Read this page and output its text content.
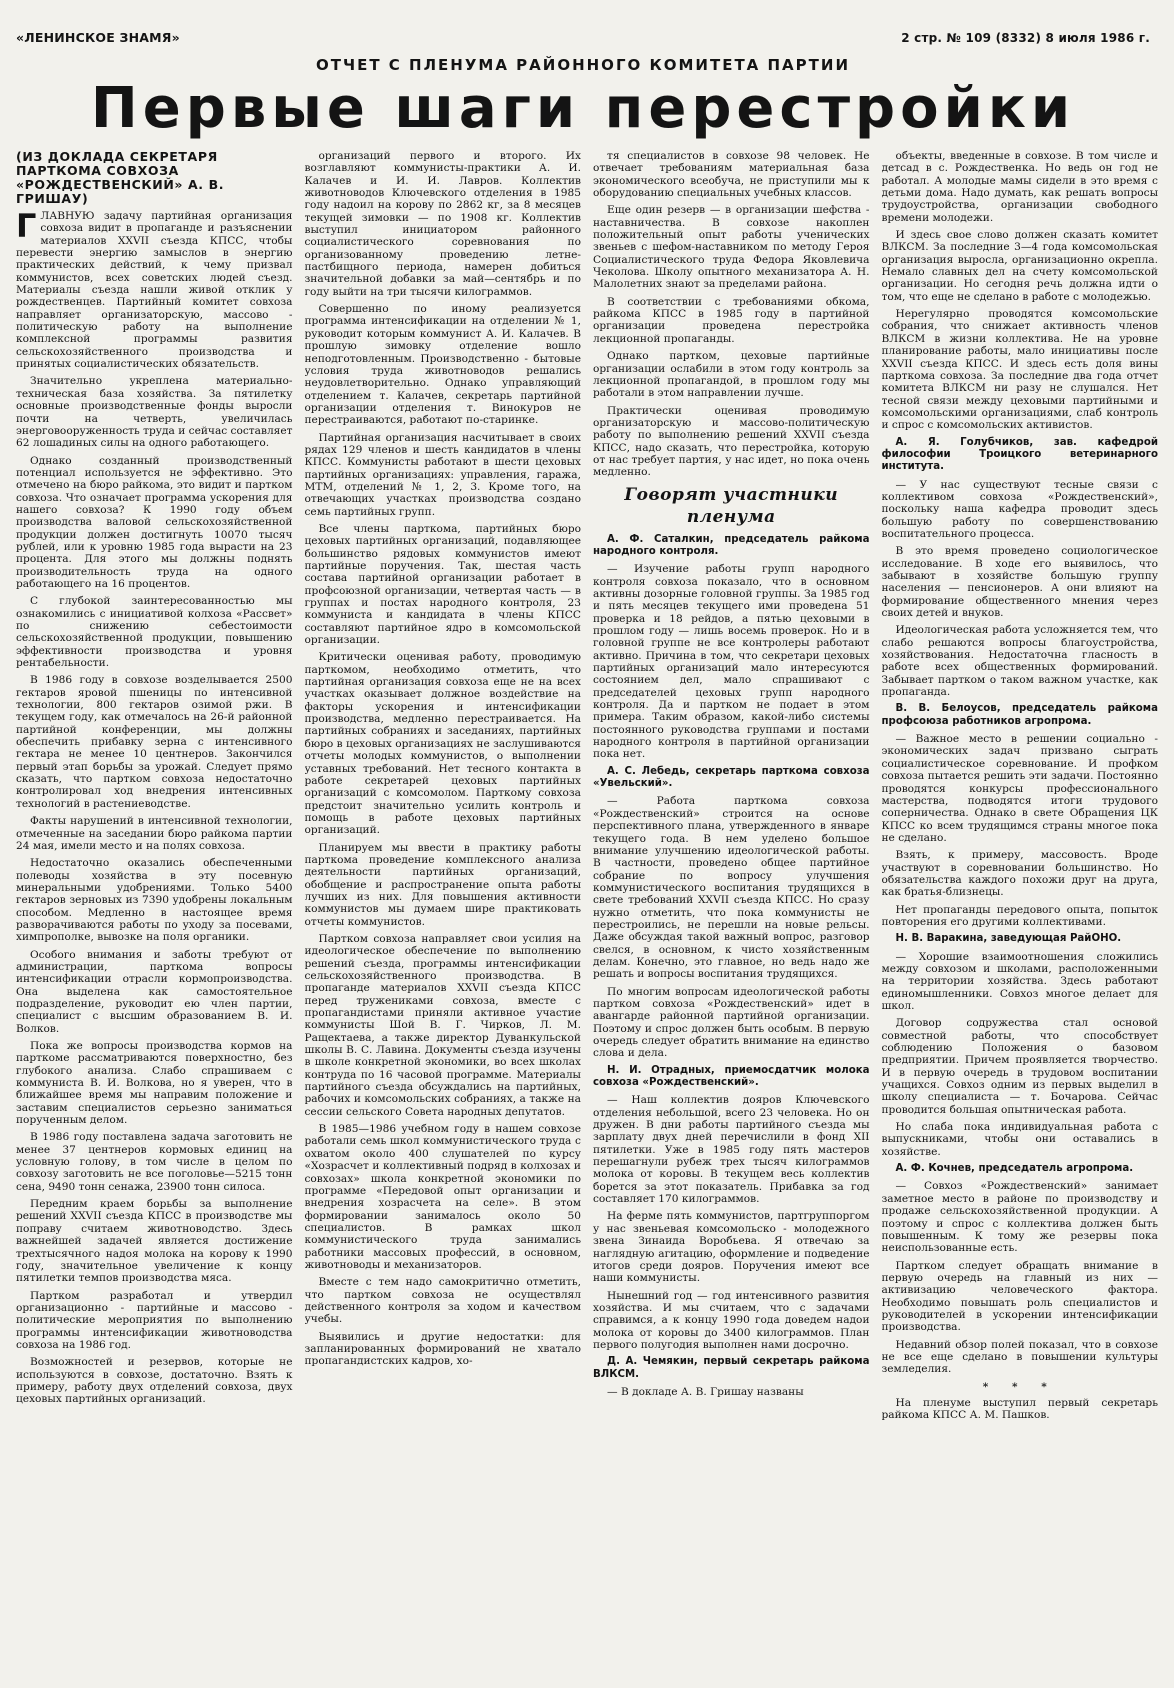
«ЛЕНИНСКОЕ ЗНАМЯ»	2 стр. № 109 (8332) 8 июля 1986 г.
ОТЧЕТ С ПЛЕНУМА РАЙОННОГО КОМИТЕТА ПАРТИИ
Первые шаги перестройки
(ИЗ ДОКЛАДА СЕКРЕТАРЯ ПАРТКОМА СОВХОЗА «РОЖДЕСТВЕНСКИЙ» А. В. ГРИШАУ)

ГЛАВНУЮ задачу партийная организация совхоза видит в пропаганде и разъяснении материалов XXVII съезда КПСС, чтобы перевести энергию замыслов в энергию практических действий, к чему призвал коммунистов, всех советских людей съезд. Материалы съезда нашли живой отклик у рождественцев. Партийный комитет совхоза направляет организаторскую, массово - политическую работу на выполнение комплексной программы развития сельскохозяйственного производства и принятых социалистических обязательств.

Значительно укреплена материально-техническая база хозяйства. За пятилетку основные производственные фонды выросли почти на четверть, увеличилась энерговооруженность труда и сейчас составляет 62 лошадиных силы на одного работающего.

Однако созданный производственный потенциал используется не эффективно. Это отмечено на бюро райкома, это видит и партком совхоза. Что означает программа ускорения для нашего совхоза? К 1990 году объем производства валовой сельскохозяйственной продукции должен достигнуть 10070 тысяч рублей, или к уровню 1985 года вырасти на 23 процента. Для этого мы должны поднять производительность труда на одного работающего на 16 процентов.

С глубокой заинтересованностью мы ознакомились с инициативой колхоза «Рассвет» по снижению себестоимости сельскохозяйственной продукции, повышению эффективности производства и уровня рентабельности.

В 1986 году в совхозе возделывается 2500 гектаров яровой пшеницы по интенсивной технологии, 800 гектаров озимой ржи. В текущем году, как отмечалось на 26-й районной партийной конференции, мы должны обеспечить прибавку зерна с интенсивного гектара не менее 10 центнеров. Закончился первый этап борьбы за урожай. Следует прямо сказать, что партком совхоза недостаточно контролировал ход внедрения интенсивных технологий в растениеводстве.

Факты нарушений в интенсивной технологии, отмеченные на заседании бюро райкома партии 24 мая, имели место и на полях совхоза.

Недостаточно оказались обеспеченными полеводы хозяйства в эту посевную минеральными удобрениями. Только 5400 гектаров зерновых из 7390 удобрены локальным способом. Медленно в настоящее время разворачиваются работы по уходу за посевами, химпрополке, вывозке на поля органики.

Особого внимания и заботы требуют от администрации, парткома вопросы интенсификации отрасли кормопроизводства. Она выделена как самостоятельное подразделение, руководит ею член партии, специалист с высшим образованием В. И. Волков.

Пока же вопросы производства кормов на парткоме рассматриваются поверхностно, без глубокого анализа. Слабо спрашиваем с коммуниста В. И. Волкова, но я уверен, что в ближайшее время мы направим положение и заставим специалистов серьезно заниматься порученным делом.

В 1986 году поставлена задача заготовить не менее 37 центнеров кормовых единиц на условную голову, в том числе в целом по совхозу заготовить не все поголовье—5215 тонн сена, 9490 тонн сенажа, 23900 тонн силоса.

Передним краем борьбы за выполнение решений XXVII съезда КПСС в производстве мы поправу считаем животноводство. Здесь важнейшей задачей является достижение трехтысячного надоя молока на корову к 1990 году, значительное увеличение к концу пятилетки темпов производства мяса.

Партком разработал и утвердил организационно - партийные и массово - политические мероприятия по выполнению программы интенсификации животноводства совхоза на 1986 год.

Возможностей и резервов, которые не используются в совхозе, достаточно. Взять к примеру, работу двух отделений совхоза, двух цеховых партийных организаций.

организаций первого и второго. Их возглавляют коммунисты-практики А. И. Калачев и И. И. Лавров. Коллектив животноводов Ключевского отделения в 1985 году надоил на корову по 2862 кг, за 8 месяцев текущей зимовки — по 1908 кг. Коллектив выступил инициатором районного социалистического соревнования по организованному проведению летне-пастбищного периода, намерен добиться значительной добавки за май—сентябрь и по году выйти на три тысячи килограммов.

Совершенно по иному реализуется программа интенсификации на отделении № 1, руководит которым коммунист А. И. Калачев. В прошлую зимовку отделение вошло неподготовленным. Производственно - бытовые условия труда животноводов решались неудовлетворительно. Однако управляющий отделением т. Калачев, секретарь партийной организации отделения т. Винокуров не перестраиваются, работают по-старинке.

Партийная организация насчитывает в своих рядах 129 членов и шесть кандидатов в члены КПСС. Коммунисты работают в шести цеховых партийных организациях: управления, гаража, МТМ, отделений № 1, 2, 3. Кроме того, на отвечающих участках производства создано семь партийных групп.

Все члены парткома, партийных бюро цеховых партийных организаций, подавляющее большинство рядовых коммунистов имеют партийные поручения. Так, шестая часть состава партийной организации работает в профсоюзной организации, четвертая часть — в группах и постах народного контроля, 23 коммуниста и кандидата в члены КПСС составляют партийное ядро в комсомольской организации.

Критически оценивая работу, проводимую парткомом, необходимо отметить, что партийная организация совхоза еще не на всех участках оказывает должное воздействие на факторы ускорения и интенсификации производства, медленно перестраивается. На партийных собраниях и заседаниях, партийных бюро в цеховых организациях не заслушиваются отчеты молодых коммунистов, о выполнении уставных требований. Нет тесного контакта в работе секретарей цеховых партийных организаций с комсомолом. Парткому совхоза предстоит значительно усилить контроль и помощь в работе цеховых партийных организаций.

Планируем мы ввести в практику работы парткома проведение комплексного анализа деятельности партийных организаций, обобщение и распространение опыта работы лучших из них. Для повышения активности коммунистов мы думаем шире практиковать отчеты коммунистов.

Партком совхоза направляет свои усилия на идеологическое обеспечение по выполнению решений съезда, программы интенсификации сельскохозяйственного производства. В пропаганде материалов XXVII съезда КПСС перед тружениками совхоза, вместе с пропагандистами приняли активное участие коммунисты Шой В. Г. Чирков, Л. М. Ращектаева, а также директор Дуванкульской школы В. С. Лавина. Документы съезда изучены в школе конкретной экономики, во всех школах контруда по 16 часовой программе. Материалы партийного съезда обсуждались на партийных, рабочих и комсомольских собраниях, а также на сессии сельского Совета народных депутатов.

В 1985—1986 учебном году в нашем совхозе работали семь школ коммунистического труда с охватом около 400 слушателей по курсу «Хозрасчет и коллективный подряд в колхозах и совхозах» школа конкретной экономики по программе «Передовой опыт организации и внедрения хозрасчета на селе». В этом формировании занималось около 50 специалистов. В рамках школ коммунистического труда занимались работники массовых профессий, в основном, животноводы и механизаторов.

Вместе с тем надо самокритично отметить, что партком совхоза не осуществлял действенного контроля за ходом и качеством учебы.

Выявились и другие недостатки: для запланированных формирований не хватало пропагандистских кадров, хо-

тя специалистов в совхозе 98 человек. Не отвечает требованиям материальная база экономического всеобуча, не приступили мы к оборудованию специальных учебных классов.

Еще один резерв — в организации шефства - наставничества. В совхозе накоплен положительный опыт работы ученических звеньев с шефом-наставником по методу Героя Социалистического труда Федора Яковлевича Чеколова. Школу опытного механизатора А. Н. Малолетних знают за пределами района.

В соответствии с требованиями обкома, райкома КПСС в 1985 году в партийной организации проведена перестройка лекционной пропаганды.

Однако партком, цеховые партийные организации ослабили в этом году контроль за лекционной пропагандой, в прошлом году мы работали в этом направлении лучше.

Практически оценивая проводимую организаторскую и массово-политическую работу по выполнению решений XXVII съезда КПСС, надо сказать, что перестройка, которую от нас требует партия, у нас идет, но пока очень медленно.

Говорят участники пленума

А. Ф. Саталкин, председатель райкома народного контроля.

— Изучение работы групп народного контроля совхоза показало, что в основном активны дозорные головной группы. За 1985 год и пять месяцев текущего ими проведена 51 проверка и 18 рейдов, а пятью цеховыми в прошлом году — лишь восемь проверок. Но и в головной группе не все контролеры работают активно. Причина в том, что секретари цеховых партийных организаций мало интересуются состоянием дел, мало спрашивают с председателей цеховых групп народного контроля. Да и партком не подает в этом примера. Таким образом, какой-либо системы постоянного руководства группами и постами народного контроля в партийной организации пока нет.

А. С. Лебедь, секретарь парткома совхоза «Увельский».

— Работа парткома совхоза «Рождественский» строится на основе перспективного плана, утвержденного в январе текущего года. В нем уделено большое внимание улучшению идеологической работы. В частности, проведено общее партийное собрание по вопросу улучшения коммунистического воспитания трудящихся в свете требований XXVII съезда КПСС. Но сразу нужно отметить, что пока коммунисты не перестроились, не перешли на новые рельсы. Даже обсуждая такой важный вопрос, разговор свелся, в основном, к чисто хозяйственным делам. Конечно, это главное, но ведь надо же решать и вопросы воспитания трудящихся.

По многим вопросам идеологической работы партком совхоза «Рождественский» идет в авангарде районной партийной организации. Поэтому и спрос должен быть особым. В первую очередь следует обратить внимание на единство слова и дела.

Н. И. Отрадных, приемосдатчик молока совхоза «Рождественский».

— Наш коллектив дояров Ключевского отделения небольшой, всего 23 человека. Но он дружен. В дни работы партийного съезда мы зарплату двух дней перечислили в фонд XII пятилетки. Уже в 1985 году пять мастеров перешагнули рубеж трех тысяч килограммов молока от коровы. В текущем весь коллектив борется за этот показатель. Прибавка за год составляет 170 килограммов.

На ферме пять коммунистов, партгруппоргом у нас звеньевая комсомольско - молодежного звена Зинаида Воробьева. Я отвечаю за наглядную агитацию, оформление и подведение итогов среди дояров. Поручения имеют все наши коммунисты.

Нынешний год — год интенсивного развития хозяйства. И мы считаем, что с задачами справимся, а к концу 1990 года доведем надои молока от коровы до 3400 килограммов. План первого полугодия выполнен нами досрочно.

Д. А. Чемякин, первый секретарь райкома ВЛКСМ.

— В докладе А. В. Гришау названы

объекты, введенные в совхозе. В том числе и детсад в с. Рождественка. Но ведь он год не работал. А молодые мамы сидели в это время с детьми дома. Надо думать, как решать вопросы трудоустройства, организации свободного времени молодежи.

И здесь свое слово должен сказать комитет ВЛКСМ. За последние 3—4 года комсомольская организация выросла, организационно окрепла. Немало славных дел на счету комсомольской организации. Но сегодня речь должна идти о том, что еще не сделано в работе с молодежью.

Нерегулярно проводятся комсомольские собрания, что снижает активность членов ВЛКСМ в жизни коллектива. Не на уровне планирование работы, мало инициативы после XXVII съезда КПСС. И здесь есть доля вины парткома совхоза. За последние два года отчет комитета ВЛКСМ ни разу не слушался. Нет тесной связи между цеховыми партийными и комсомольскими организациями, слаб контроль и спрос с комсомольских активистов.

А. Я. Голубчиков, зав. кафедрой философии Троицкого ветеринарного института.

— У нас существуют тесные связи с коллективом совхоза «Рождественский», поскольку наша кафедра проводит здесь большую работу по совершенствованию воспитательного процесса.

В это время проведено социологическое исследование. В ходе его выявилось, что забывают в хозяйстве большую группу населения — пенсионеров. А они влияют на формирование общественного мнения через своих детей и внуков.

Идеологическая работа усложняется тем, что слабо решаются вопросы благоустройства, хозяйствования. Недостаточна гласность в работе всех общественных формирований. Забывает партком о таком важном участке, как пропаганда.

В. В. Белоусов, председатель райкома профсоюза работников агропрома.

— Важное место в решении социально - экономических задач призвано сыграть социалистическое соревнование. И профком совхоза пытается решить эти задачи. Постоянно проводятся конкурсы профессионального мастерства, подводятся итоги трудового соперничества. Однако в свете Обращения ЦК КПСС ко всем трудящимся страны многое пока не сделано.

Взять, к примеру, массовость. Вроде участвуют в соревновании большинство. Но обязательства каждого похожи друг на друга, как братья-близнецы.

Нет пропаганды передового опыта, попыток повторения его другими коллективами.

Н. В. Варакина, заведующая РайОНО.

— Хорошие взаимоотношения сложились между совхозом и школами, расположенными на территории хозяйства. Здесь работают единомышленники. Совхоз многое делает для школ.

Договор содружества стал основой совместной работы, что способствует соблюдению Положения о базовом предприятии. Причем проявляется творчество. И в первую очередь в трудовом воспитании учащихся. Совхоз одним из первых выделил в школу специалиста — т. Бочарова. Сейчас проводится большая опытническая работа.

Но слаба пока индивидуальная работа с выпускниками, чтобы они оставались в хозяйстве.

А. Ф. Кочнев, председатель агропрома.

— Совхоз «Рождественский» занимает заметное место в районе по производству и продаже сельскохозяйственной продукции. А поэтому и спрос с коллектива должен быть повышенным. К тому же резервы пока неиспользованные есть.

Партком следует обращать внимание в первую очередь на главный из них — активизацию человеческого фактора. Необходимо повышать роль специалистов и руководителей в ускорении интенсификации производства.

Недавний обзор полей показал, что в совхозе не все еще сделано в повышении культуры земледелия.

* * *

На пленуме выступил первый секретарь райкома КПСС А. М. Пашков.
